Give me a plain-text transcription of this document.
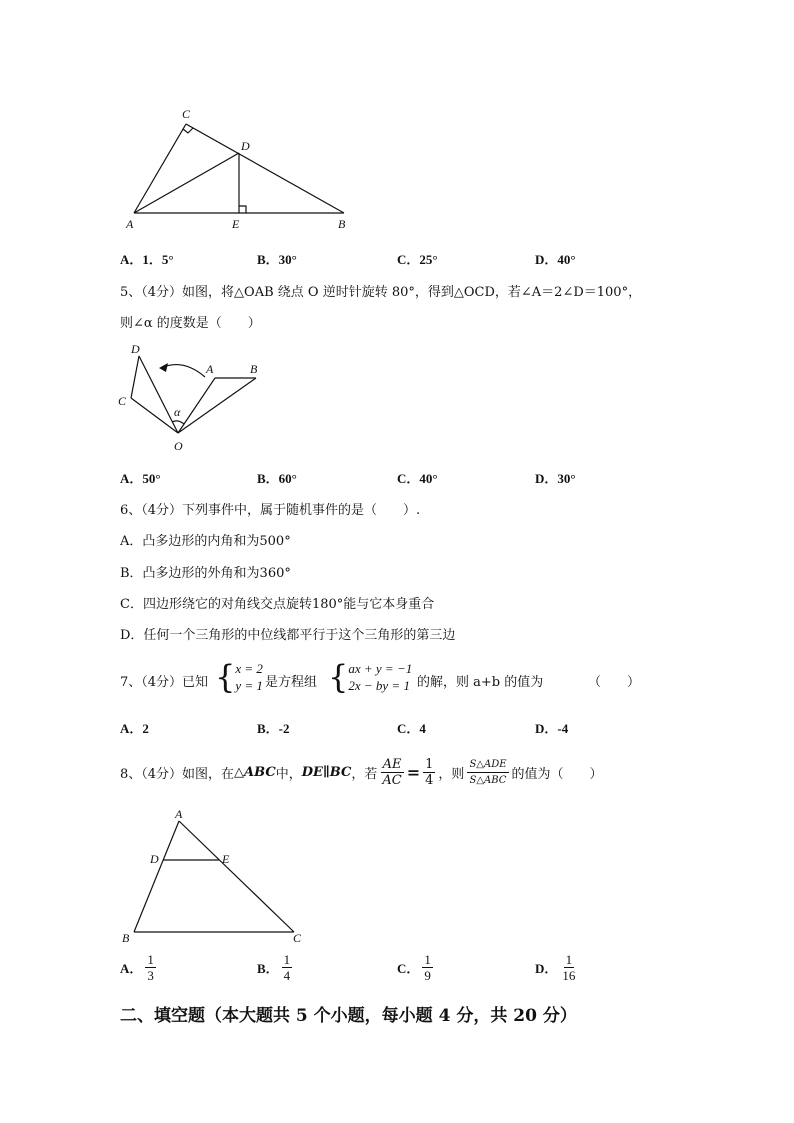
C
D
A	E	B
A．1．5°	B．30°	C．25°	D．40°
5、（4分）如图，将△OAB 绕点 O 逆时针旋转 80°，得到△OCD，若∠A＝2∠D＝100°，
则∠α 的度数是（　　）
D
A	B
C
α
O
A．50°	B．60°	C．40°	D．30°
6、（4分）下列事件中，属于随机事件的是（　　）.
A．凸多边形的内角和为500°
B．凸多边形的外角和为360°
C．四边形绕它的对角线交点旋转180°能与它本身重合
D．任何一个三角形的中位线都平行于这个三角形的第三边
7、（4分）已知 { x = 2
y = 1 是方程组 { ax + y = −1
2x − by = 1 的解，则 a+b 的值为	（　　）
A．2	B．-2	C．4	D．-4
8、（4分）如图，在 △ABC 中， DE∥BC ，若 $\frac{AE}{AC} = \frac{1}{4}$ ，则 $\frac{\text{S△ADE}}{\text{S△ABC}}$ 的值为（　　）
A
D	E
B	C
A． $\frac{1}{3}$	B． $\frac{1}{4}$	C． $\frac{1}{9}$	D． $\frac{1}{16}$
二、填空题（本大题共 5 个小题，每小题 4 分，共 20 分）
